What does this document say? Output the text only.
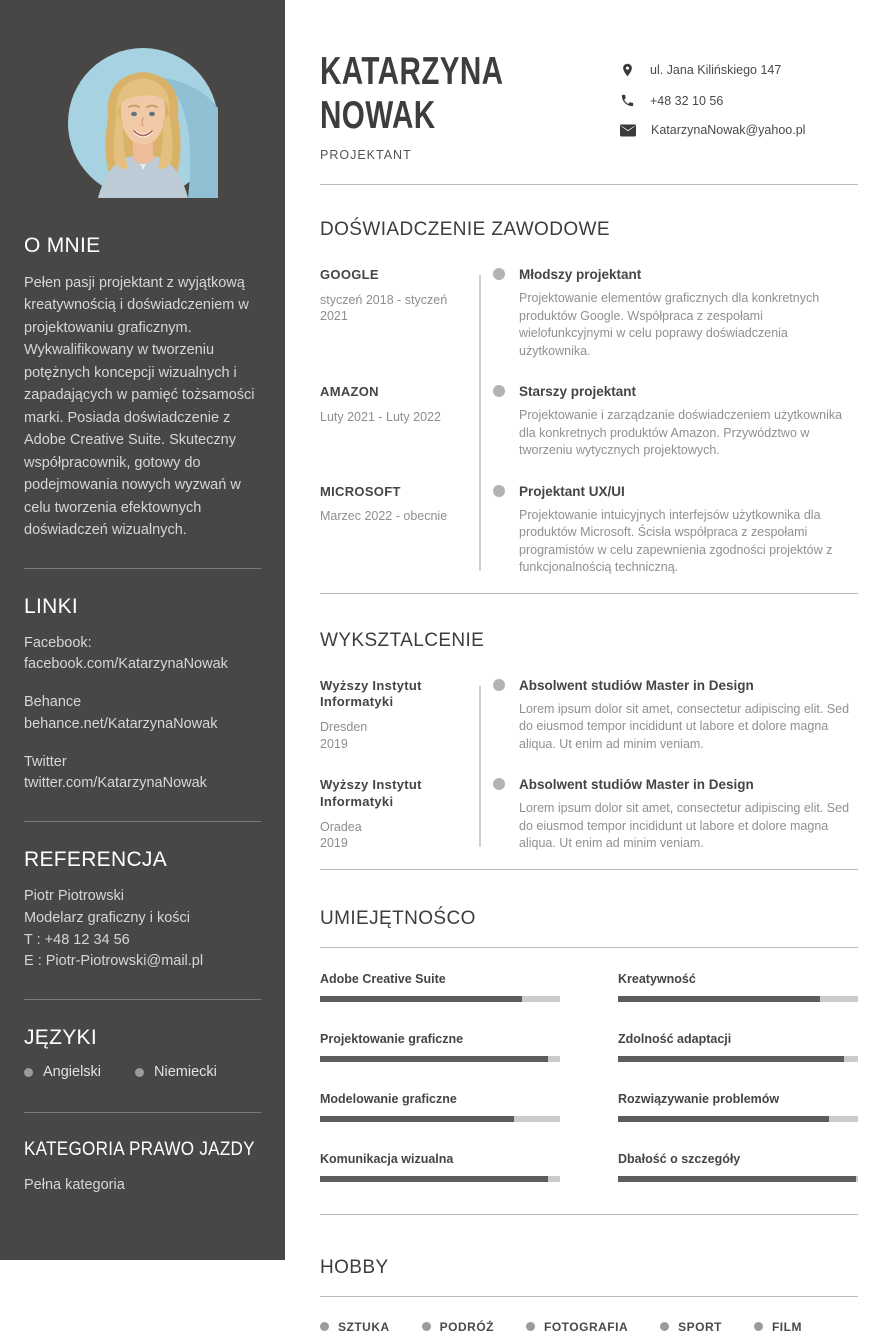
O MNIE

Pełen pasji projektant z wyjątkową kreatywnością i doświadczeniem w projektowaniu graficznym. Wykwalifikowany w tworzeniu potężnych koncepcji wizualnych i zapadających w pamięć tożsamości marki. Posiada doświadczenie z Adobe Creative Suite. Skuteczny współpracownik, gotowy do podejmowania nowych wyzwań w celu tworzenia efektownych doświadczeń wizualnych.

LINKI
Facebook:
facebook.com/KatarzynaNowak
Behance
behance.net/KatarzynaNowak
Twitter
twitter.com/KatarzynaNowak
REFERENCJA
Piotr Piotrowski
Modelarz graficzny i kości
T : +48 12 34 56
E : Piotr-Piotrowski@mail.pl
JĘZYKI
Angielski	Niemiecki
KATEGORIA PRAWO JAZDY
Pełna kategoria
KATARZYNA
NOWAK
PROJEKTANT
ul. Jana Kilińskiego 147
+48 32 10 56
KatarzynaNowak@yahoo.pl
DOŚWIADCZENIE ZAWODOWE
GOOGLE
styczeń 2018 - styczeń 2021
Młodszy projektant

Projektowanie elementów graficznych dla konkretnych produktów Google. Współpraca z zespołami wielofunkcyjnymi w celu poprawy doświadczenia użytkownika.

AMAZON
Luty 2021 - Luty 2022
Starszy projektant

Projektowanie i zarządzanie doświadczeniem użytkownika dla konkretnych produktów Amazon. Przywództwo w tworzeniu wytycznych projektowych.

MICROSOFT
Marzec 2022 - obecnie
Projektant UX/UI

Projektowanie intuicyjnych interfejsów użytkownika dla produktów Microsoft. Ścisła współpraca z zespołami programistów w celu zapewnienia zgodności projektów z funkcjonalnością techniczną.

WYKSZTALCENIE
Wyższy Instytut Informatyki
Dresden
2019
Absolwent studiów Master in Design

Lorem ipsum dolor sit amet, consectetur adipiscing elit. Sed do eiusmod tempor incididunt ut labore et dolore magna aliqua. Ut enim ad minim veniam.

Wyższy Instytut Informatyki
Oradea
2019
Absolwent studiów Master in Design

Lorem ipsum dolor sit amet, consectetur adipiscing elit. Sed do eiusmod tempor incididunt ut labore et dolore magna aliqua. Ut enim ad minim veniam.

UMIEJĘTNOŚCO
Adobe Creative Suite	Kreatywność
Projektowanie graficzne	Zdolność adaptacji
Modelowanie graficzne	Rozwiązywanie problemów
Komunikacja wizualna	Dbałość o szczegóły
HOBBY
SZTUKA	PODRÓŻ	FOTOGRAFIA	SPORT	FILM
